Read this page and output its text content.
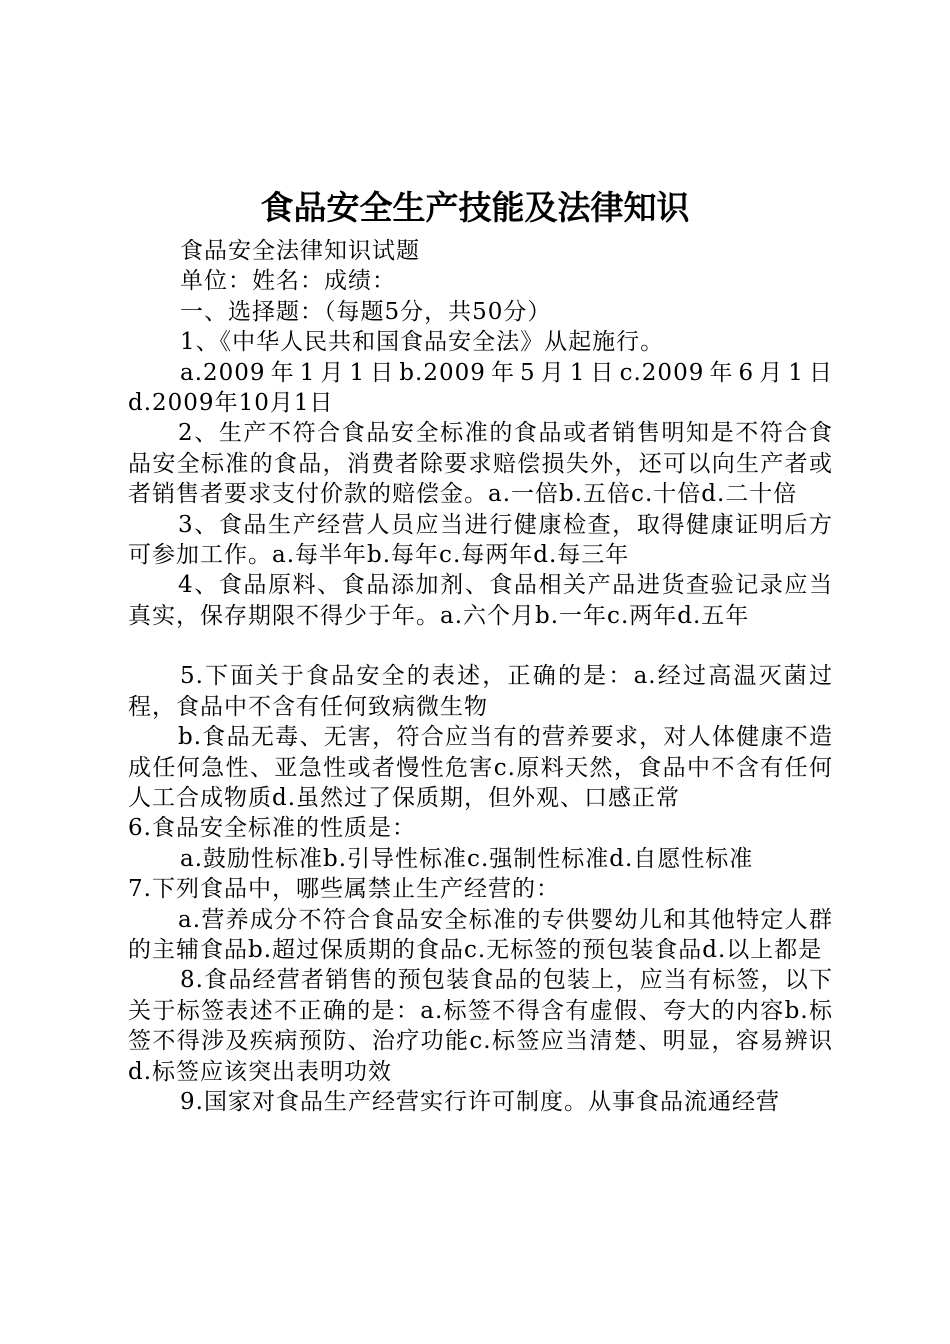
食品安全生产技能及法律知识

食品安全法律知识试题

单位：姓名：成绩：

一、选择题：（每题5分，共50分）

1、《中华人民共和国食品安全法》从起施行。

a.2009年1月1日b.2009年5月1日c.2009年6月1日d.2009年10月1日

2、生产不符合食品安全标准的食品或者销售明知是不符合食品安全标准的食品，消费者除要求赔偿损失外，还可以向生产者或者销售者要求支付价款的赔偿金。a.一倍b.五倍c.十倍d.二十倍

3、食品生产经营人员应当进行健康检查，取得健康证明后方可参加工作。a.每半年b.每年c.每两年d.每三年

4、食品原料、食品添加剂、食品相关产品进货查验记录应当真实，保存期限不得少于年。a.六个月b.一年c.两年d.五年

5.下面关于食品安全的表述，正确的是：a.经过高温灭菌过程，食品中不含有任何致病微生物

b.食品无毒、无害，符合应当有的营养要求，对人体健康不造成任何急性、亚急性或者慢性危害c.原料天然，食品中不含有任何人工合成物质d.虽然过了保质期，但外观、口感正常

6.食品安全标准的性质是：

a.鼓励性标准b.引导性标准c.强制性标准d.自愿性标准

7.下列食品中，哪些属禁止生产经营的：

a.营养成分不符合食品安全标准的专供婴幼儿和其他特定人群的主辅食品b.超过保质期的食品c.无标签的预包装食品d.以上都是

8.食品经营者销售的预包装食品的包装上，应当有标签，以下关于标签表述不正确的是：a.标签不得含有虚假、夸大的内容b.标签不得涉及疾病预防、治疗功能c.标签应当清楚、明显，容易辨识d.标签应该突出表明功效

9.国家对食品生产经营实行许可制度。从事食品流通经营
